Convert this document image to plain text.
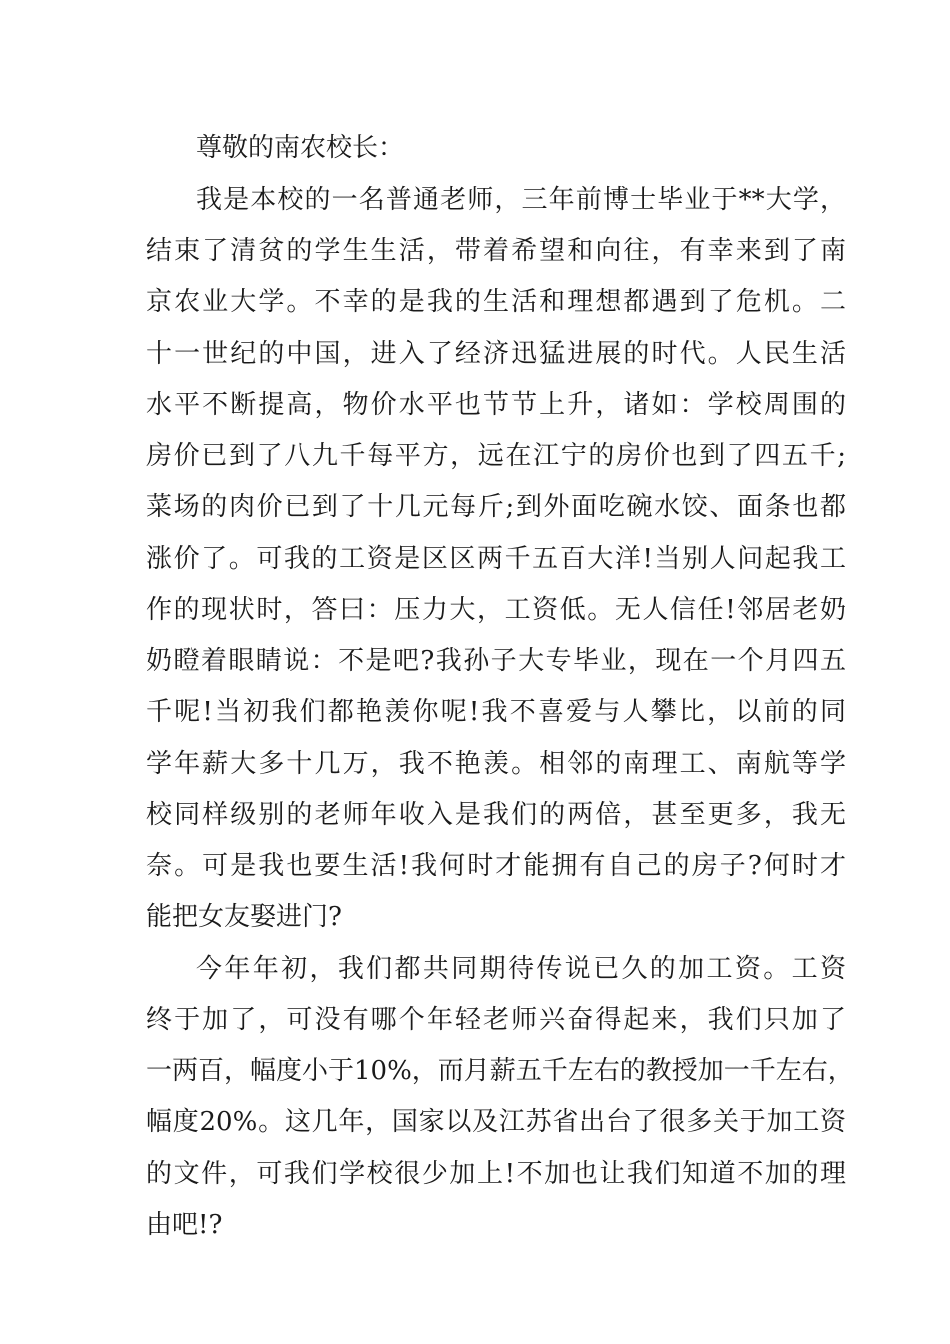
尊敬的南农校长：
我是本校的一名普通老师，三年前博士毕业于**大学，
结束了清贫的学生生活，带着希望和向往，有幸来到了南
京农业大学。不幸的是我的生活和理想都遇到了危机。二
十一世纪的中国，进入了经济迅猛进展的时代。人民生活
水平不断提高，物价水平也节节上升，诸如：学校周围的
房价已到了八九千每平方，远在江宁的房价也到了四五千;
菜场的肉价已到了十几元每斤;到外面吃碗水饺、面条也都
涨价了。可我的工资是区区两千五百大洋!当别人问起我工
作的现状时，答曰：压力大，工资低。无人信任!邻居老奶
奶瞪着眼睛说：不是吧?我孙子大专毕业，现在一个月四五
千呢!当初我们都艳羡你呢!我不喜爱与人攀比，以前的同
学年薪大多十几万，我不艳羡。相邻的南理工、南航等学
校同样级别的老师年收入是我们的两倍，甚至更多，我无
奈。可是我也要生活!我何时才能拥有自己的房子?何时才
能把女友娶进门?
今年年初，我们都共同期待传说已久的加工资。工资
终于加了，可没有哪个年轻老师兴奋得起来，我们只加了
一两百，幅度小于10%，而月薪五千左右的教授加一千左右，
幅度20%。这几年，国家以及江苏省出台了很多关于加工资
的文件，可我们学校很少加上!不加也让我们知道不加的理
由吧!?
